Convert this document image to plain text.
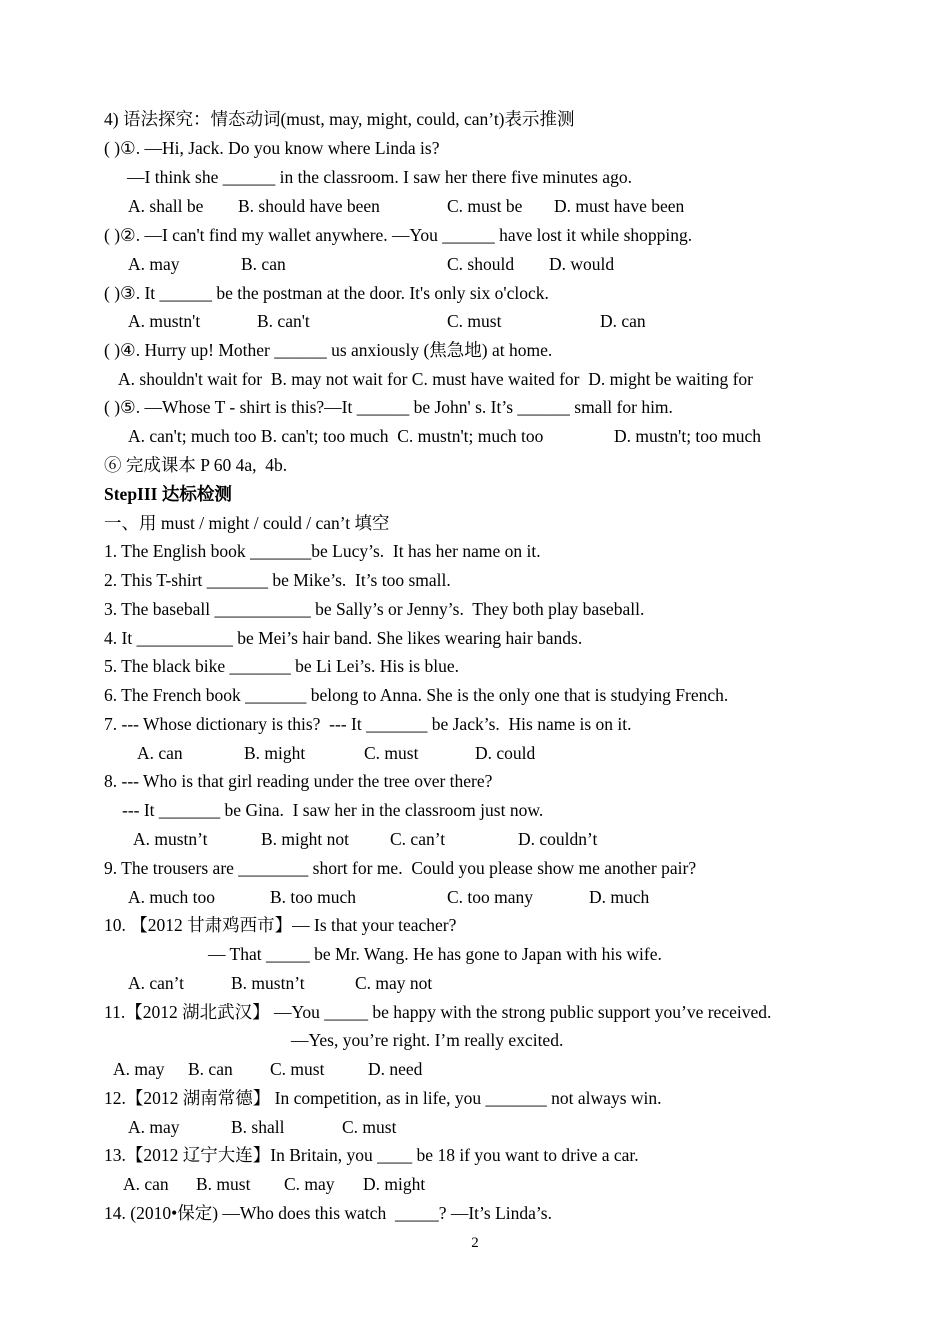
4) 语法探究：情态动词(must, may, might, could, can’t)表示推测
( )①. —Hi, Jack. Do you know where Linda is?
—I think she ______ in the classroom. I saw her there five minutes ago.
A. shall be B. should have been	C. must be D. must have been
( )②. —I can't find my wallet anywhere. —You ______ have lost it while shopping.
A. may	B. can	C. should D. would
( )③. It ______ be the postman at the door. It's only six o'clock.
A. mustn't	B. can't	C. must	D. can
( )④. Hurry up! Mother ______ us anxiously (焦急地) at home.
A. shouldn't wait for  B. may not wait for C. must have waited for  D. might be waiting for
( )⑤. —Whose T - shirt is this?—It ______ be John' s. It’s ______ small for him.
A. can't; much too B. can't; too much  C. mustn't; much too	D. mustn't; too much
⑥ 完成课本 P 60 4a,  4b.
StepIII 达标检测
一、用 must / might / could / can’t 填空
1. The English book _______be Lucy’s.  It has her name on it.
2. This T-shirt _______ be Mike’s.  It’s too small.
3. The baseball ___________ be Sally’s or Jenny’s.  They both play baseball.
4. It ___________ be Mei’s hair band. She likes wearing hair bands.
5. The black bike _______ be Li Lei’s. His is blue.
6. The French book _______ belong to Anna. She is the only one that is studying French.
7. --- Whose dictionary is this?  --- It _______ be Jack’s.  His name is on it.
A. can	B. might	C. must	D. could
8. --- Who is that girl reading under the tree over there?
--- It _______ be Gina.  I saw her in the classroom just now.
A. mustn’t	B. might not C. can’t	D. couldn’t
9. The trousers are ________ short for me.  Could you please show me another pair?
A. much too	B. too much	C. too many	D. much
10. 【2012 甘肃鸡西市】— Is that your teacher?
— That _____ be Mr. Wang. He has gone to Japan with his wife.
A. can’t	B. mustn’t	C. may not
11.【2012 湖北武汉】 —You _____ be happy with the strong public support you’ve received.
—Yes, you’re right. I’m really excited.
A. may B. can C. must D. need
12.【2012 湖南常德】 In competition, as in life, you _______ not always win.
A. may	B. shall	C. must
13.【2012 辽宁大连】In Britain, you ____ be 18 if you want to drive a car.
A. can B. must C. may D. might
14. (2010•保定) —Who does this watch  _____? —It’s Linda’s.
2
